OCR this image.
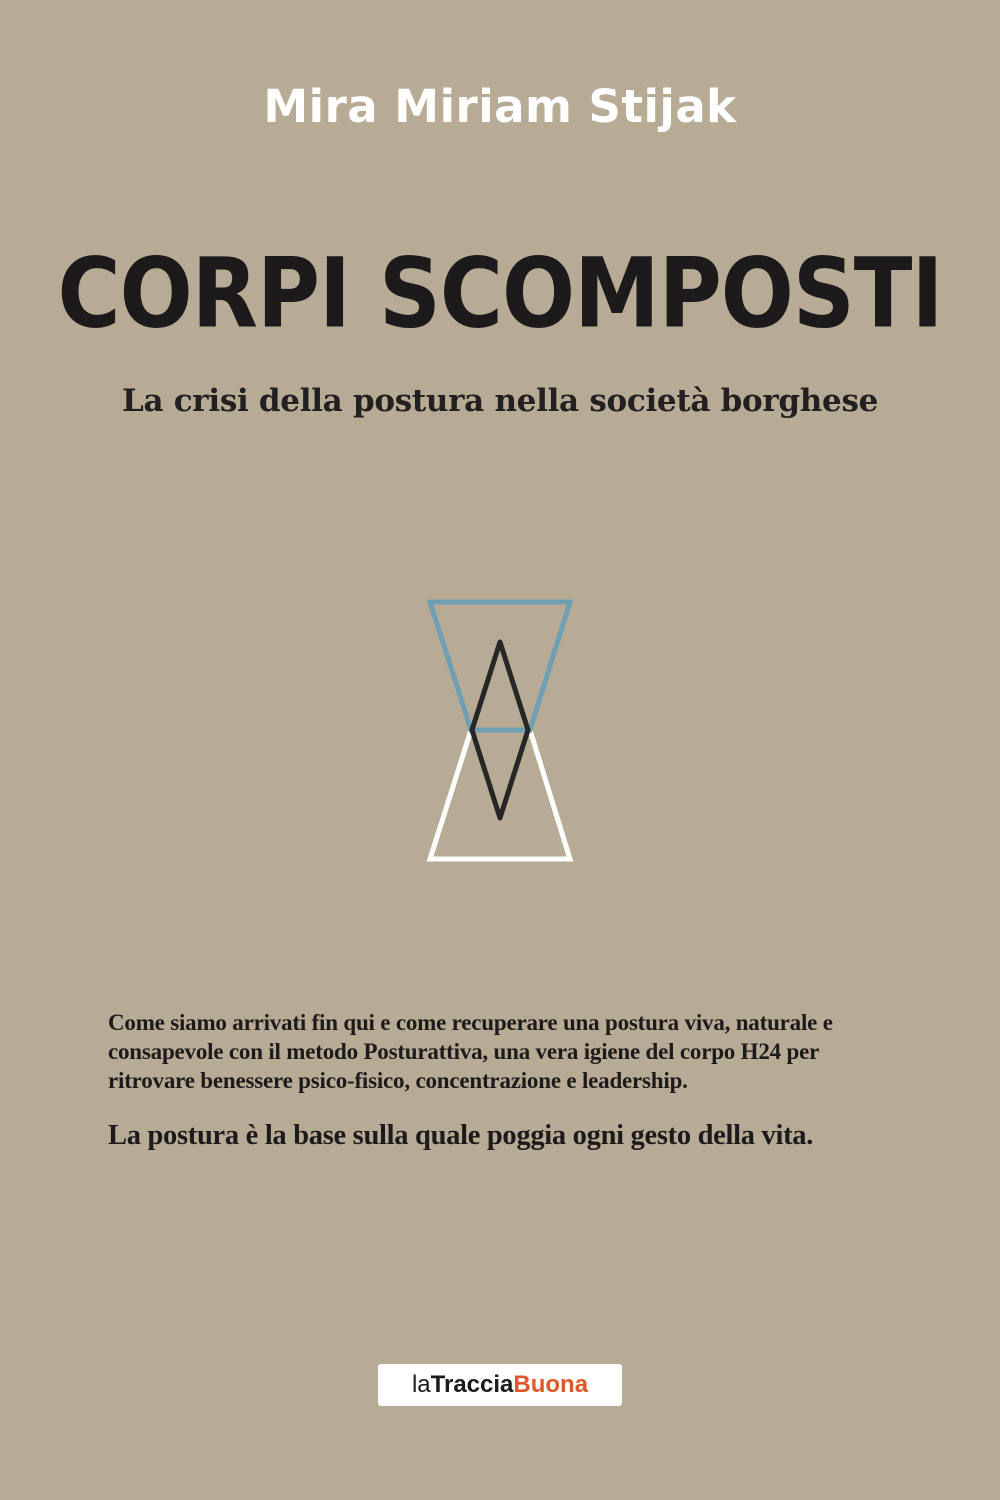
Mira Miriam Stijak
CORPI SCOMPOSTI
La crisi della postura nella società borghese
Come siamo arrivati fin qui e come recuperare una postura viva, naturale e consapevole con il metodo Posturattiva, una vera igiene del corpo H24 per ritrovare benessere psico-fisico, concentrazione e leadership.
La postura è la base sulla quale poggia ogni gesto della vita.
laTracciaBuona
